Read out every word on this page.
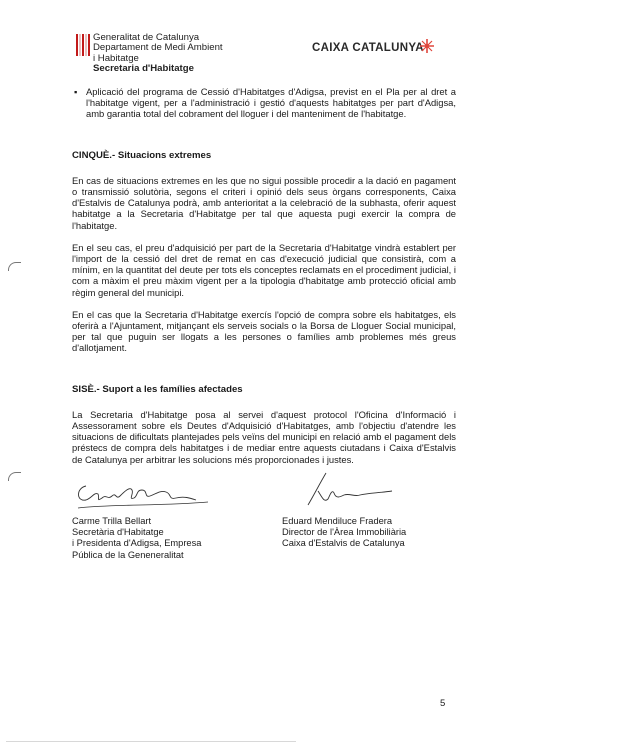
Generalitat de Catalunya
Departament de Medi Ambient
i Habitatge
Secretaria d'Habitatge
CAIXA CATALUNYA
▪ Aplicació del programa de Cessió d'Habitatges d'Adigsa, previst en el Pla per al dret a l'habitatge vigent, per a l'administració i gestió d'aquests habitatges per part d'Adigsa, amb garantia total del cobrament del lloguer i del manteniment de l'habitatge.
CINQUÈ.- Situacions extremes

En cas de situacions extremes en les que no sigui possible procedir a la dació en pagament o transmissió solutòria, segons el criteri i opinió dels seus òrgans corresponents, Caixa d'Estalvis de Catalunya podrà, amb anterioritat a la celebració de la subhasta, oferir aquest habitatge a la Secretaria d'Habitatge per tal que aquesta pugi exercir la compra de l'habitatge.

En el seu cas, el preu d'adquisició per part de la Secretaria d'Habitatge vindrà establert per l'import de la cessió del dret de remat en cas d'execució judicial que consistirà, com a mínim, en la quantitat del deute per tots els conceptes reclamats en el procediment judicial, i com a màxim el preu màxim vigent per a la tipologia d'habitatge amb protecció oficial amb règim general del municipi.

En el cas que la Secretaria d'Habitatge exercís l'opció de compra sobre els habitatges, els oferirà a l'Ajuntament, mitjançant els serveis socials o la Borsa de Lloguer Social municipal, per tal que puguin ser llogats a les persones o famílies amb problemes més greus d'allotjament.

SISÈ.- Suport a les famílies afectades

La Secretaria d'Habitatge posa al servei d'aquest protocol l'Oficina d'Informació i Assessorament sobre els Deutes d'Adquisició d'Habitatges, amb l'objectiu d'atendre les situacions de dificultats plantejades pels veïns del municipi en relació amb el pagament dels préstecs de compra dels habitatges i de mediar entre aquests ciutadans i Caixa d'Estalvis de Catalunya per arbitrar les solucions més proporcionades i justes.

Carme Trilla Bellart
Secretària d'Habitatge
i Presidenta d'Adigsa, Empresa
Pública de la Geneneralitat
Eduard Mendiluce Fradera
Director de l'Àrea Immobiliària
Caixa d'Estalvis de Catalunya
5
